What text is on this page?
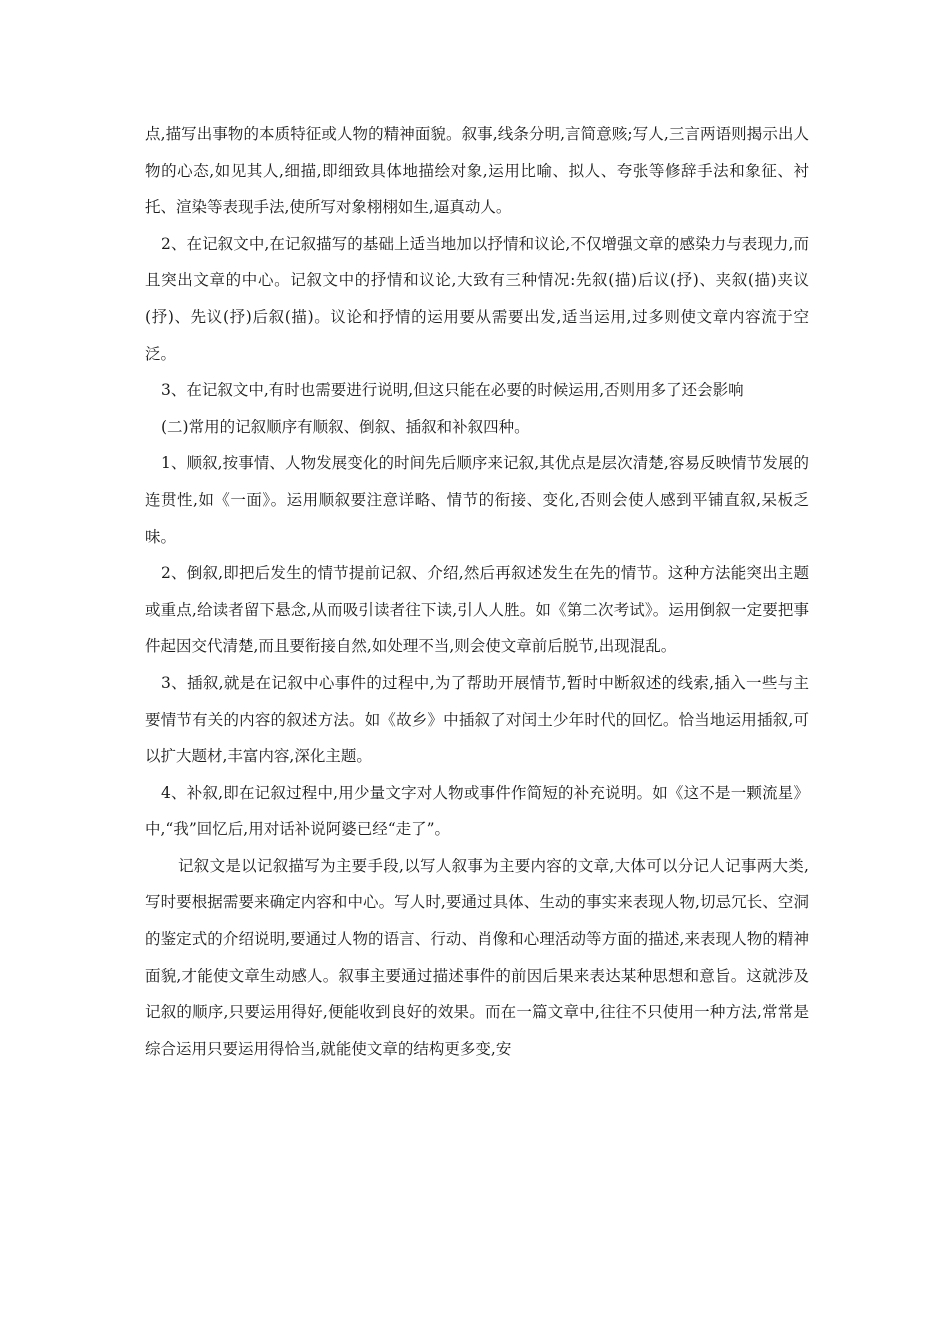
点,描写出事物的本质特征或人物的精神面貌。叙事,线条分明,言简意赅;写人,三言两语则揭示出人物的心态,如见其人,细描,即细致具体地描绘对象,运用比喻、拟人、夸张等修辞手法和象征、衬托、渲染等表现手法,使所写对象栩栩如生,逼真动人。

2、在记叙文中,在记叙描写的基础上适当地加以抒情和议论,不仅增强文章的感染力与表现力,而且突出文章的中心。记叙文中的抒情和议论,大致有三种情况:先叙(描)后议(抒)、夹叙(描)夹议(抒)、先议(抒)后叙(描)。议论和抒情的运用要从需要出发,适当运用,过多则使文章内容流于空泛。

3、在记叙文中,有时也需要进行说明,但这只能在必要的时候运用,否则用多了还会影响

(二)常用的记叙顺序有顺叙、倒叙、插叙和补叙四种。

1、顺叙,按事情、人物发展变化的时间先后顺序来记叙,其优点是层次清楚,容易反映情节发展的连贯性,如《一面》。运用顺叙要注意详略、情节的衔接、变化,否则会使人感到平铺直叙,呆板乏味。

2、倒叙,即把后发生的情节提前记叙、介绍,然后再叙述发生在先的情节。这种方法能突出主题或重点,给读者留下悬念,从而吸引读者往下读,引人人胜。如《第二次考试》。运用倒叙一定要把事件起因交代清楚,而且要衔接自然,如处理不当,则会使文章前后脱节,出现混乱。

3、插叙,就是在记叙中心事件的过程中,为了帮助开展情节,暂时中断叙述的线索,插入一些与主要情节有关的内容的叙述方法。如《故乡》中插叙了对闰土少年时代的回忆。恰当地运用插叙,可以扩大题材,丰富内容,深化主题。

4、补叙,即在记叙过程中,用少量文字对人物或事件作简短的补充说明。如《这不是一颗流星》中,“我”回忆后,用对话补说阿婆已经“走了”。

记叙文是以记叙描写为主要手段,以写人叙事为主要内容的文章,大体可以分记人记事两大类,写时要根据需要来确定内容和中心。写人时,要通过具体、生动的事实来表现人物,切忌冗长、空洞的鉴定式的介绍说明,要通过人物的语言、行动、肖像和心理活动等方面的描述,来表现人物的精神面貌,才能使文章生动感人。叙事主要通过描述事件的前因后果来表达某种思想和意旨。这就涉及记叙的顺序,只要运用得好,便能收到良好的效果。而在一篇文章中,往往不只使用一种方法,常常是综合运用只要运用得恰当,就能使文章的结构更多变,安
